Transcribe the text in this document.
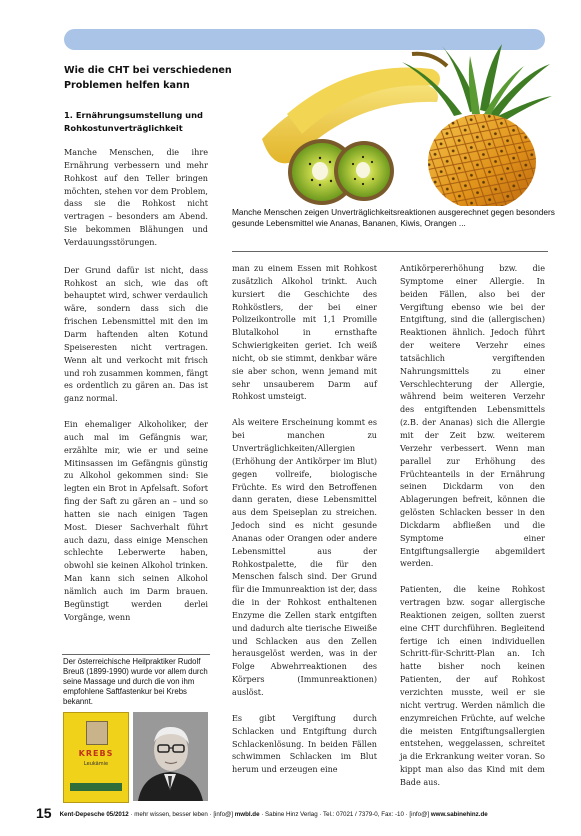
Wie die CHT bei verschiedenen Problemen helfen kann
1. Ernährungsumstellung und Rohkostunverträglichkeit
Manche Menschen zeigen Unverträglichkeitsreaktionen ausgerechnet gegen besonders gesunde Lebensmittel wie Ananas, Bananen, Kiwis, Orangen ...

Manche Menschen, die ihre Ernährung verbessern und mehr Rohkost auf den Teller bringen möchten, stehen vor dem Problem, dass sie die Rohkost nicht vertragen – besonders am Abend. Sie bekommen Blähungen und Verdauungsstörungen.

Der Grund dafür ist nicht, dass Rohkost an sich, wie das oft behauptet wird, schwer verdaulich wäre, sondern dass sich die frischen Lebensmittel mit den im Darm haftenden alten Kotund Speiseresten nicht vertragen. Wenn alt und verkocht mit frisch und roh zusammen kommen, fängt es ordentlich zu gären an. Das ist ganz normal.

Ein ehemaliger Alkoholiker, der auch mal im Gefängnis war, erzählte mir, wie er und seine Mitinsassen im Gefängnis günstig zu Alkohol gekommen sind: Sie legten ein Brot in Apfelsaft. Sofort fing der Saft zu gären an – und so hatten sie nach einigen Tagen Most. Dieser Sachverhalt führt auch dazu, dass einige Menschen schlechte Leberwerte haben, obwohl sie keinen Alkohol trinken. Man kann sich seinen Alkohol nämlich auch im Darm brauen. Begünstigt werden derlei Vorgänge, wenn

man zu einem Essen mit Rohkost zusätzlich Alkohol trinkt. Auch kursiert die Geschichte des Rohköstlers, der bei einer Polizeikontrolle mit 1,1 Promille Blutalkohol in ernsthafte Schwierigkeiten geriet. Ich weiß nicht, ob sie stimmt, denkbar wäre sie aber schon, wenn jemand mit sehr unsauberem Darm auf Rohkost umsteigt.

Als weitere Erscheinung kommt es bei manchen zu Unverträglichkeiten/Allergien (Erhöhung der Antikörper im Blut) gegen vollreife, biologische Früchte. Es wird den Betroffenen dann geraten, diese Lebensmittel aus dem Speiseplan zu streichen. Jedoch sind es nicht gesunde Ananas oder Orangen oder andere Lebensmittel aus der Rohkostpalette, die für den Menschen falsch sind. Der Grund für die Immunreaktion ist der, dass die in der Rohkost enthaltenen Enzyme die Zellen stark entgiften und dadurch alte tierische Eiweiße und Schlacken aus den Zellen herausgelöst werden, was in der Folge Abwehrreaktionen des Körpers (Immunreaktionen) auslöst.

Es gibt Vergiftung durch Schlacken und Entgiftung durch Schlackenlösung. In beiden Fällen schwimmen Schlacken im Blut herum und erzeugen eine

Antikörpererhöhung bzw. die Symptome einer Allergie. In beiden Fällen, also bei der Vergiftung ebenso wie bei der Entgiftung, sind die (allergischen) Reaktionen ähnlich. Jedoch führt der weitere Verzehr eines tatsächlich vergiftenden Nahrungsmittels zu einer Verschlechterung der Allergie, während beim weiteren Verzehr des entgiftenden Lebensmittels (z.B. der Ananas) sich die Allergie mit der Zeit bzw. weiterem Verzehr verbessert. Wenn man parallel zur Erhöhung des Früchteanteils in der Ernährung seinen Dickdarm von den Ablagerungen befreit, können die gelösten Schlacken besser in den Dickdarm abfließen und die Symptome einer Entgiftungsallergie abgemildert werden.

Patienten, die keine Rohkost vertragen bzw. sogar allergische Reaktionen zeigen, sollten zuerst eine CHT durchführen. Begleitend fertige ich einen individuellen Schritt-für-Schritt-Plan an. Ich hatte bisher noch keinen Patienten, der auf Rohkost verzichten musste, weil er sie nicht vertrug. Werden nämlich die enzymreichen Früchte, auf welche die meisten Entgiftungsallergien entstehen, weggelassen, schreitet ja die Erkrankung weiter voran. So kippt man also das Kind mit dem Bade aus.

Der österreichische Heilpraktiker Rudolf Breuß (1899-1990) wurde vor allem durch seine Massage und durch die von ihm empfohlene Saftfastenkur bei Krebs bekannt.
KREBS
Leukämie
15 Kent-Depesche 05/2012 · mehr wissen, besser leben · [info@] mwbl.de · Sabine Hinz Verlag · Tel.: 07021 / 7379-0, Fax: -10 · [info@] www.sabinehinz.de
